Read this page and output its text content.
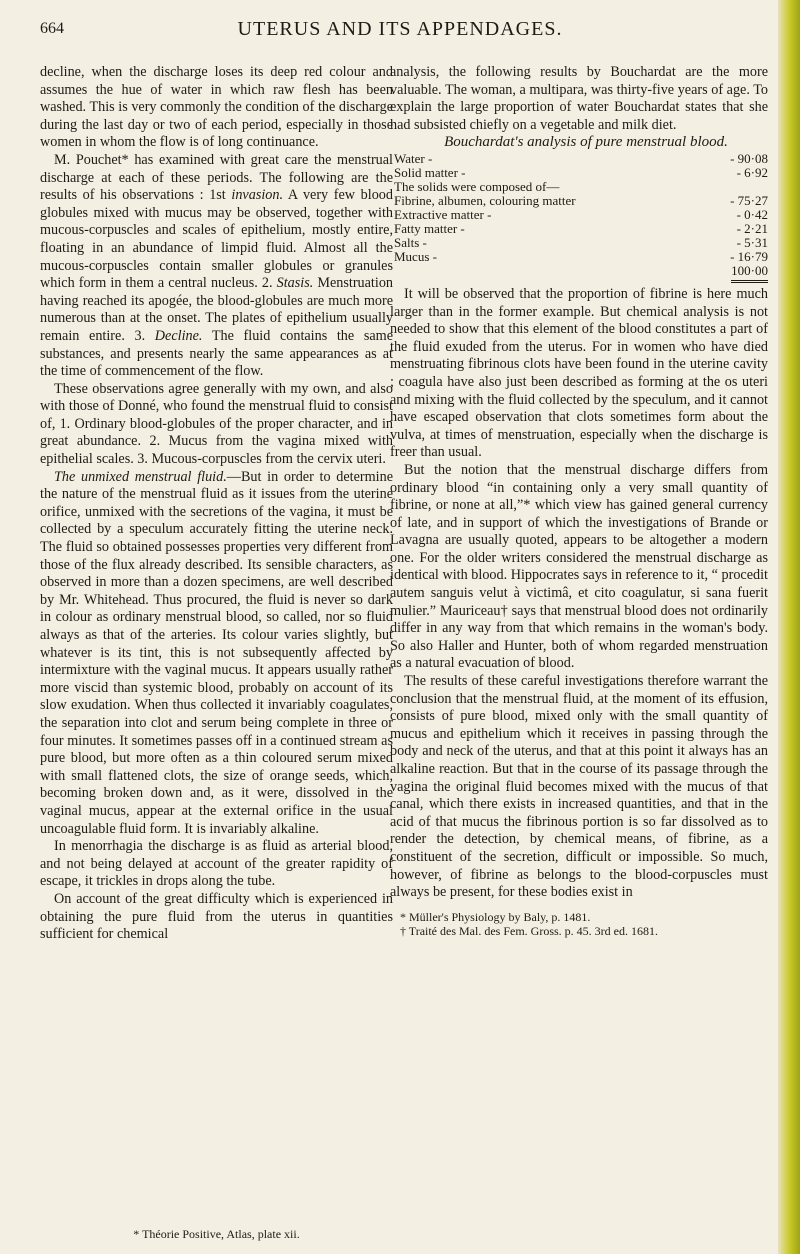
664	UTERUS AND ITS APPENDAGES.

decline, when the discharge loses its deep red colour and assumes the hue of water in which raw flesh has been washed. This is very commonly the condition of the discharge during the last day or two of each period, especially in those women in whom the flow is of long continuance.

M. Pouchet* has examined with great care the menstrual discharge at each of these periods. The following are the results of his observations : 1st invasion. A very few blood globules mixed with mucus may be observed, together with mucous-corpuscles and scales of epithelium, mostly entire, floating in an abundance of limpid fluid. Almost all the mucous-corpuscles contain smaller globules or granules which form in them a central nucleus. 2. Stasis. Menstruation having reached its apogée, the blood-globules are much more numerous than at the onset. The plates of epithelium usually remain entire. 3. Decline. The fluid contains the same substances, and presents nearly the same appearances as at the time of commencement of the flow.

These observations agree generally with my own, and also with those of Donné, who found the menstrual fluid to consist of, 1. Ordinary blood-globules of the proper character, and in great abundance. 2. Mucus from the vagina mixed with epithelial scales. 3. Mucous-corpuscles from the cervix uteri.

The unmixed menstrual fluid.—But in order to determine the nature of the menstrual fluid as it issues from the uterine orifice, unmixed with the secretions of the vagina, it must be collected by a speculum accurately fitting the uterine neck. The fluid so obtained possesses properties very different from those of the flux already described. Its sensible characters, as observed in more than a dozen specimens, are well described by Mr. Whitehead. Thus procured, the fluid is never so dark in colour as ordinary menstrual blood, so called, nor so fluid always as that of the arteries. Its colour varies slightly, but whatever is its tint, this is not subsequently affected by intermixture with the vaginal mucus. It appears usually rather more viscid than systemic blood, probably on account of its slow exudation. When thus collected it invariably coagulates, the separation into clot and serum being complete in three or four minutes. It sometimes passes off in a continued stream as pure blood, but more often as a thin coloured serum mixed with small flattened clots, the size of orange seeds, which, becoming broken down and, as it were, dissolved in the vaginal mucus, appear at the external orifice in the usual uncoagulable fluid form. It is invariably alkaline.

In menorrhagia the discharge is as fluid as arterial blood, and not being delayed at account of the greater rapidity of escape, it trickles in drops along the tube.

On account of the great difficulty which is experienced in obtaining the pure fluid from the uterus in quantities sufficient for chemical

* Théorie Positive, Atlas, plate xii.

analysis, the following results by Bouchardat are the more valuable. The woman, a multipara, was thirty-five years of age. To explain the large proportion of water Bouchardat states that she had subsisted chiefly on a vegetable and milk diet.

Bouchardat's analysis of pure menstrual blood.

Water -	- 90·08
Solid matter -	- 6·92
The solids were composed of—	
Fibrine, albumen, colouring matter	- 75·27
Extractive matter -	- 0·42
Fatty matter -	- 2·21
Salts -	- 5·31
Mucus -	- 16·79
	100·00

It will be observed that the proportion of fibrine is here much larger than in the former example. But chemical analysis is not needed to show that this element of the blood constitutes a part of the fluid exuded from the uterus. For in women who have died menstruating fibrinous clots have been found in the uterine cavity ; coagula have also just been described as forming at the os uteri and mixing with the fluid collected by the speculum, and it cannot have escaped observation that clots sometimes form about the vulva, at times of menstruation, especially when the discharge is freer than usual.

But the notion that the menstrual discharge differs from ordinary blood “in containing only a very small quantity of fibrine, or none at all,”* which view has gained general currency of late, and in support of which the investigations of Brande or Lavagna are usually quoted, appears to be altogether a modern one. For the older writers considered the menstrual discharge as identical with blood. Hippocrates says in reference to it, “ procedit autem sanguis velut à victimâ, et cito coagulatur, si sana fuerit mulier.” Mauriceau† says that menstrual blood does not ordinarily differ in any way from that which remains in the woman's body. So also Haller and Hunter, both of whom regarded menstruation as a natural evacuation of blood.

The results of these careful investigations therefore warrant the conclusion that the menstrual fluid, at the moment of its effusion, consists of pure blood, mixed only with the small quantity of mucus and epithelium which it receives in passing through the body and neck of the uterus, and that at this point it always has an alkaline reaction. But that in the course of its passage through the vagina the original fluid becomes mixed with the mucus of that canal, which there exists in increased quantities, and that in the acid of that mucus the fibrinous portion is so far dissolved as to render the detection, by chemical means, of fibrine, as a constituent of the secretion, difficult or impossible. So much, however, of fibrine as belongs to the blood-corpuscles must always be present, for these bodies exist in

* Müller's Physiology by Baly, p. 1481.
† Traité des Mal. des Fem. Gross. p. 45. 3rd ed. 1681.
